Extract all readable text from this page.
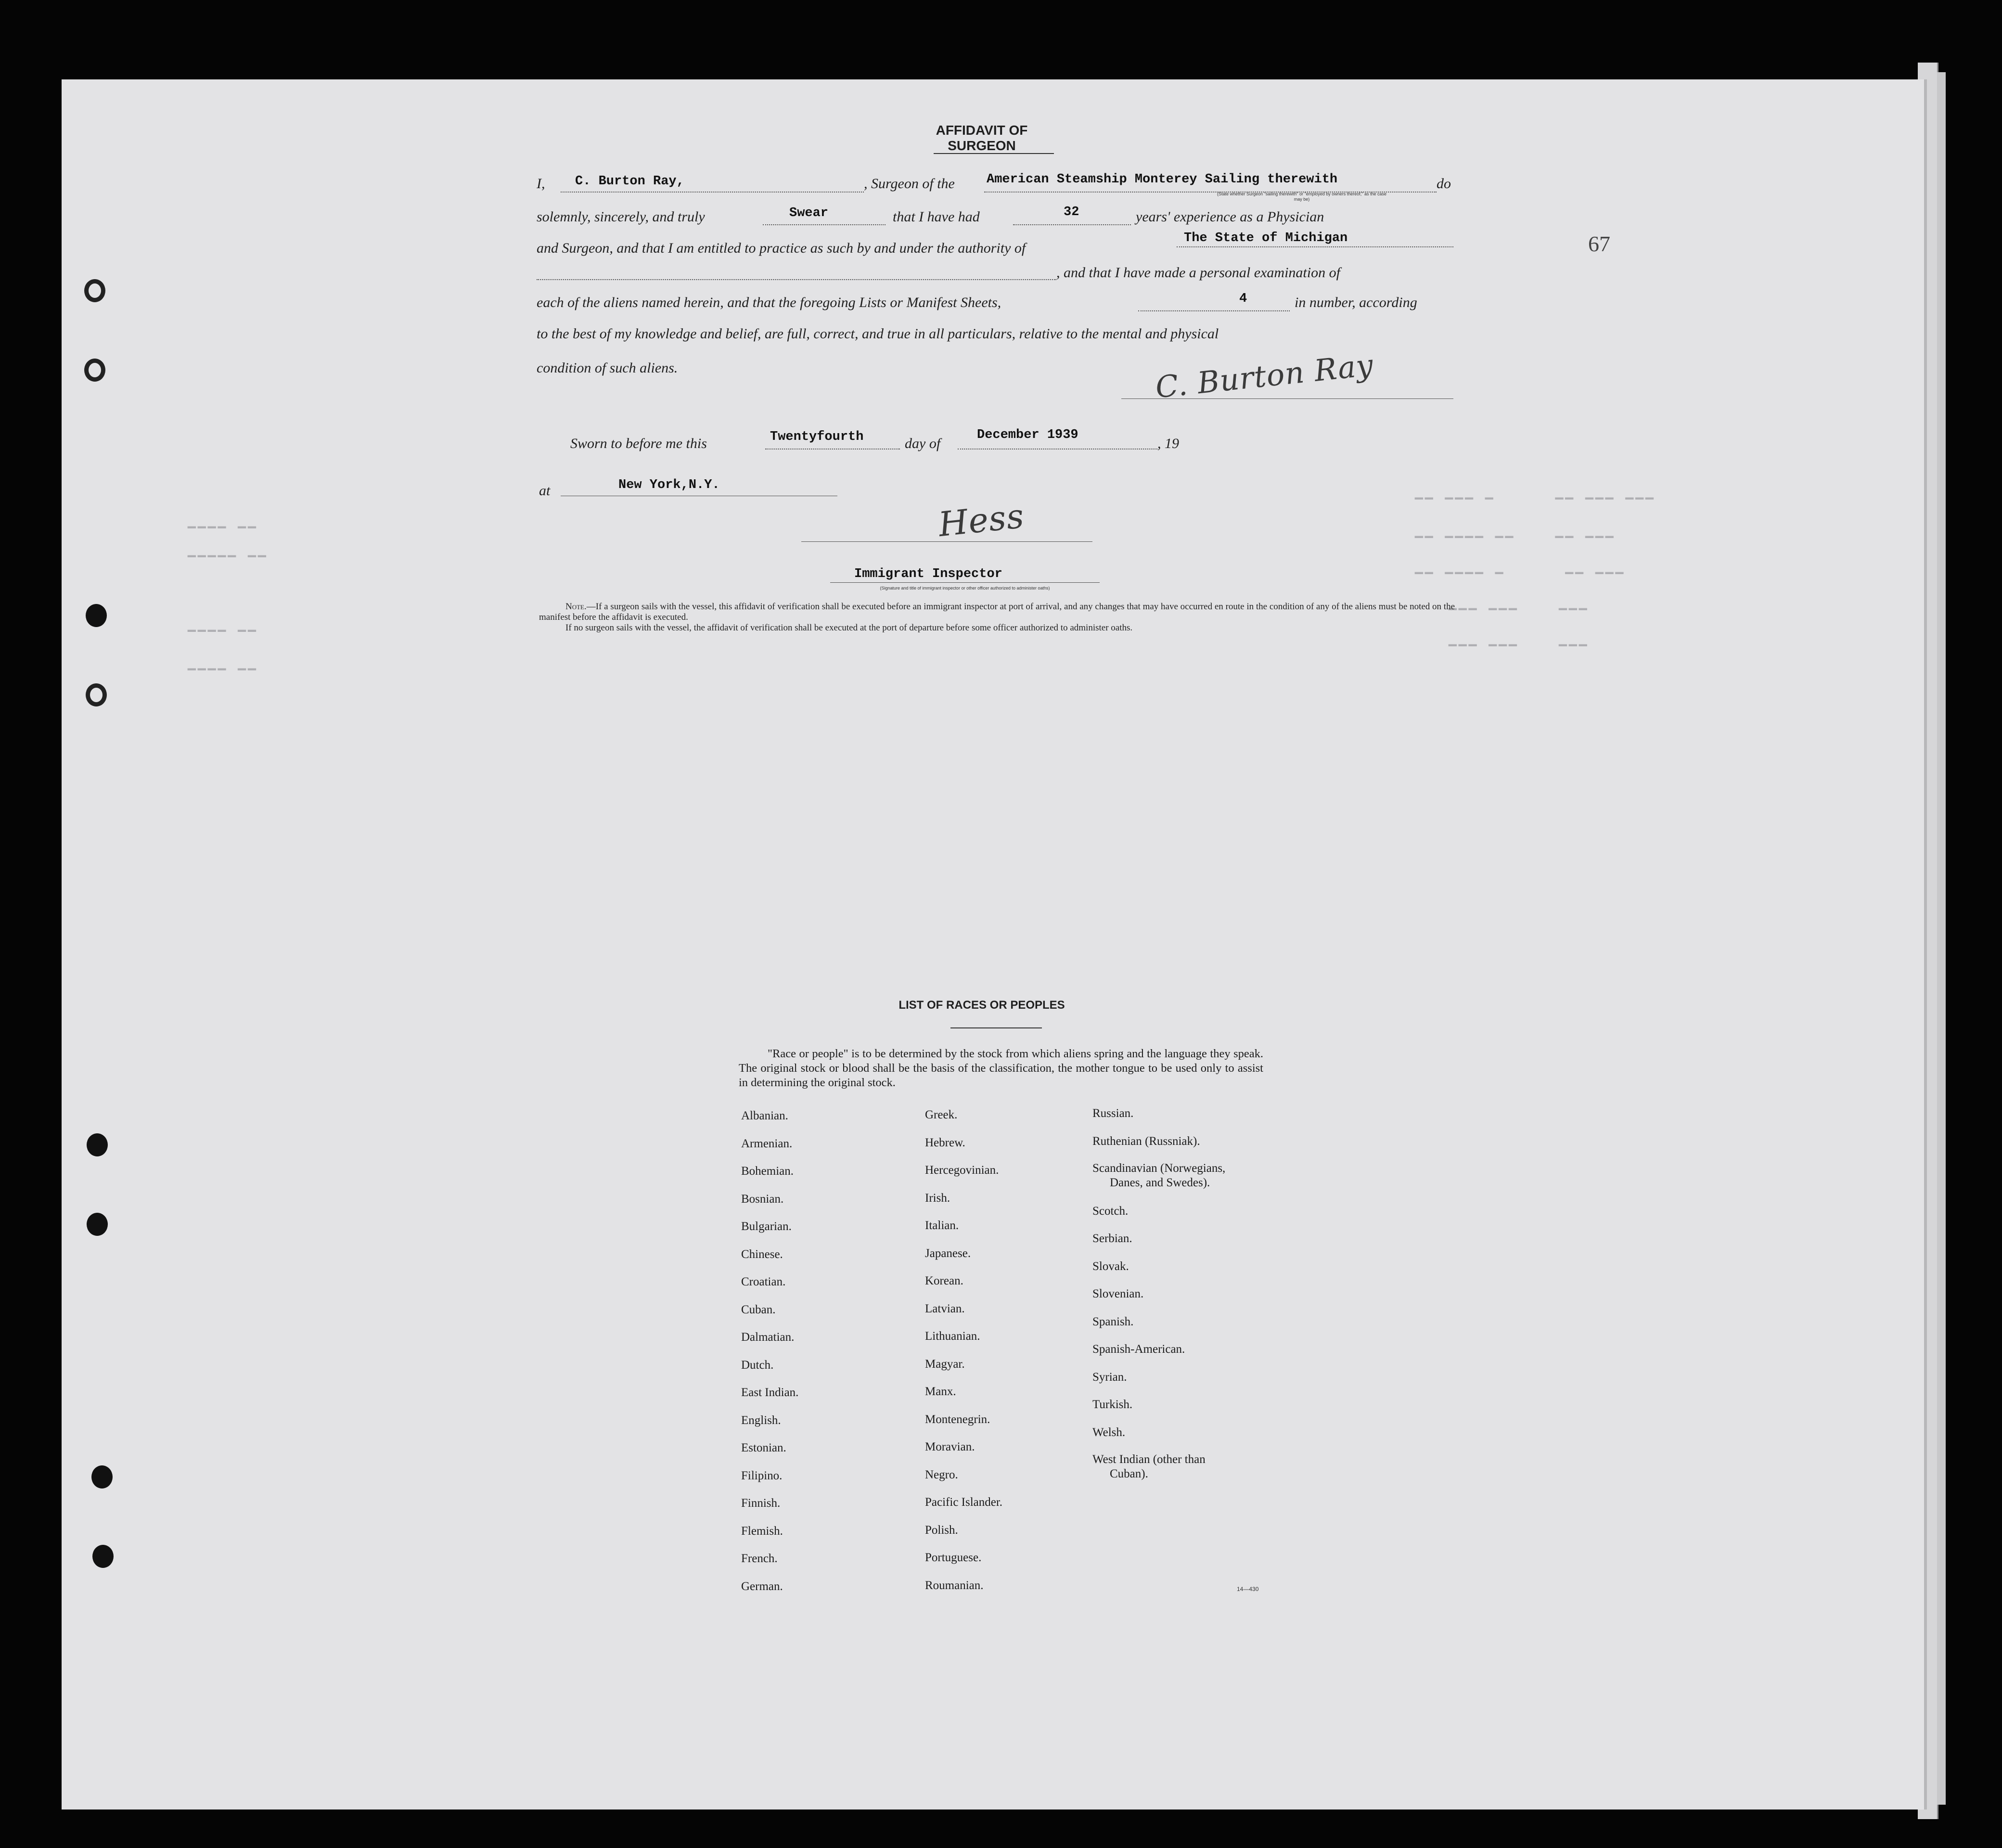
▁▁ ▁▁▁ ▁      ▁▁ ▁▁▁ ▁▁▁
▁▁ ▁▁▁▁ ▁▁    ▁▁ ▁▁▁
▁▁ ▁▁▁▁ ▁      ▁▁ ▁▁▁
▁▁▁ ▁▁▁    ▁▁▁
▁▁▁ ▁▁▁    ▁▁▁
▁▁▁▁ ▁▁
▁▁▁▁▁ ▁▁
▁▁▁▁ ▁▁
▁▁▁▁ ▁▁
67
AFFIDAVIT OF SURGEON
I, C. Burton Ray,	, Surgeon of the American Steamship Monterey Sailing therewith	do
(State whether Surgeon "sailing therewith" or "employed by owners thereof," as the case may be)
solemnly, sincerely, and truly	Swear	that I have had	32	years' experience as a Physician
and Surgeon, and that I am entitled to practice as such by and under the authority of
The State of Michigan
, and that I have made a personal examination of
each of the aliens named herein, and that the foregoing Lists or Manifest Sheets,	4	in number, according
to the best of my knowledge and belief, are full, correct, and true in all particulars, relative to the mental and physical
condition of such aliens.	C. Burton Ray
Sworn to before me this	Twentyfourth	day of
December 1939
, 19
at	New York,N.Y.
Hess
Immigrant Inspector
(Signature and title of immigrant inspector or other officer authorized to administer oaths)
Note.—If a surgeon sails with the vessel, this affidavit of verification shall be executed before an immigrant inspector at port of arrival, and any changes that may have occurred en route in the condition of any of the aliens must be noted on the manifest before the affidavit is executed.
If no surgeon sails with the vessel, the affidavit of verification shall be executed at the port of departure before some officer authorized to administer oaths.
LIST OF RACES OR PEOPLES
"Race or people" is to be determined by the stock from which aliens spring and the language they speak. The original stock or blood shall be the basis of the classification, the mother tongue to be used only to assist in determining the original stock.
Albanian.
Armenian.
Bohemian.
Bosnian.
Bulgarian.
Chinese.
Croatian.
Cuban.
Dalmatian.
Dutch.
East Indian.
English.
Estonian.
Filipino.
Finnish.
Flemish.
French.
German.
Greek.
Hebrew.
Hercegovinian.
Irish.
Italian.
Japanese.
Korean.
Latvian.
Lithuanian.
Magyar.
Manx.
Montenegrin.
Moravian.
Negro.
Pacific Islander.
Polish.
Portuguese.
Roumanian.
Russian.
Ruthenian (Russniak).
Scandinavian (Norwegians,
Danes, and Swedes).
Scotch.
Serbian.
Slovak.
Slovenian.
Spanish.
Spanish-American.
Syrian.
Turkish.
Welsh.
West Indian (other than
Cuban).
14—430
